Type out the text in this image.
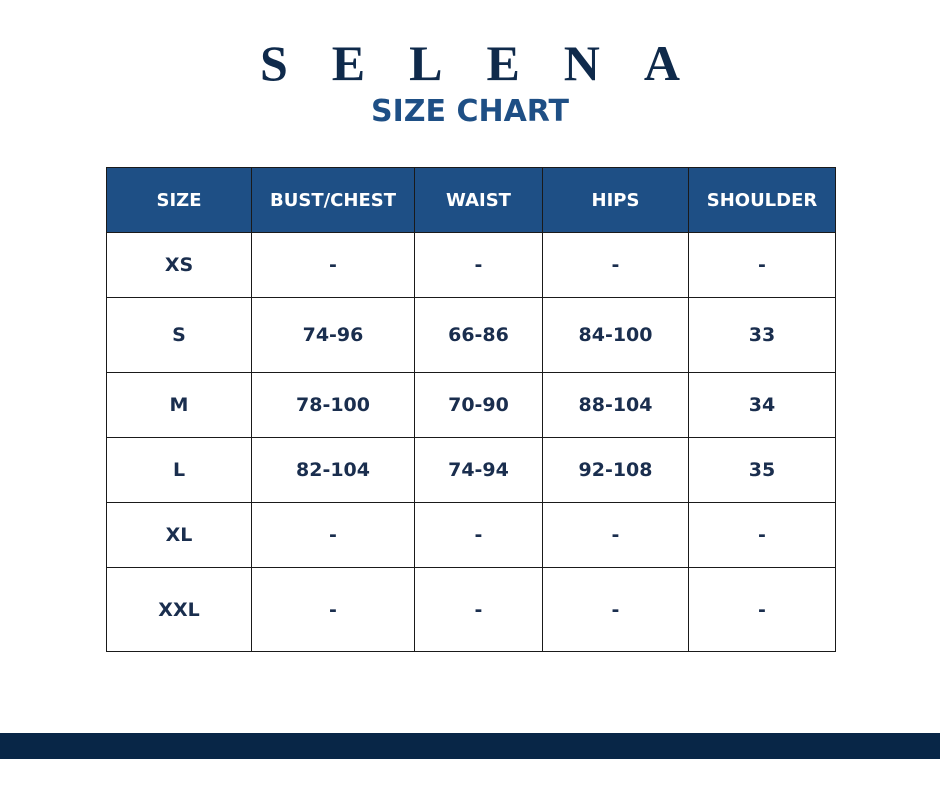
SELENA
SIZE CHART
SIZE	BUST/CHEST	WAIST	HIPS	SHOULDER
XS	-	-	-	-
S	74-96	66-86	84-100	33
M	78-100	70-90	88-104	34
L	82-104	74-94	92-108	35
XL	-	-	-	-
XXL	-	-	-	-
